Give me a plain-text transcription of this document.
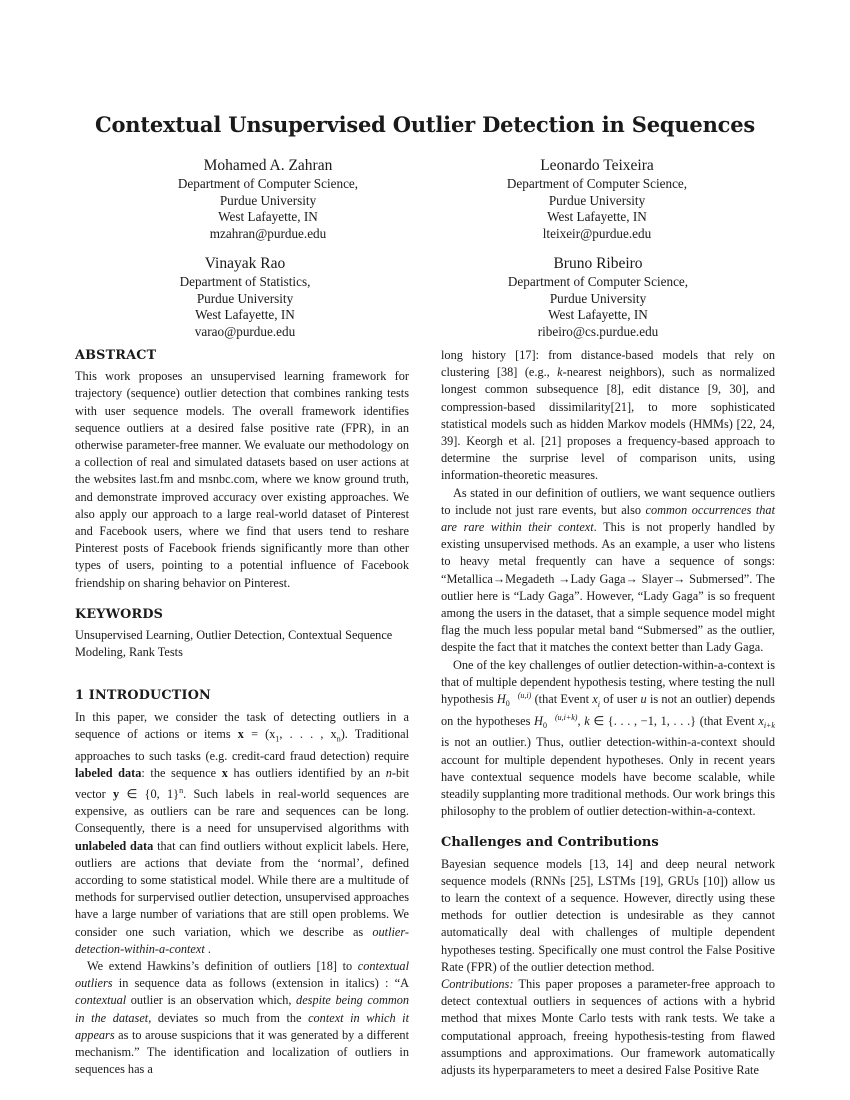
Contextual Unsupervised Outlier Detection in Sequences
Mohamed A. Zahran
Department of Computer Science,
Purdue University
West Lafayette, IN
mzahran@purdue.edu
Leonardo Teixeira
Department of Computer Science,
Purdue University
West Lafayette, IN
lteixeir@purdue.edu
Vinayak Rao
Department of Statistics,
Purdue University
West Lafayette, IN
varao@purdue.edu
Bruno Ribeiro
Department of Computer Science,
Purdue University
West Lafayette, IN
ribeiro@cs.purdue.edu
ABSTRACT

This work proposes an unsupervised learning framework for trajectory (sequence) outlier detection that combines ranking tests with user sequence models. The overall framework identifies sequence outliers at a desired false positive rate (FPR), in an otherwise parameter-free manner. We evaluate our methodology on a collection of real and simulated datasets based on user actions at the websites last.fm and msnbc.com, where we know ground truth, and demonstrate improved accuracy over existing approaches. We also apply our approach to a large real-world dataset of Pinterest and Facebook users, where we find that users tend to reshare Pinterest posts of Facebook friends significantly more than other types of users, pointing to a potential influence of Facebook friendship on sharing behavior on Pinterest.

KEYWORDS

Unsupervised Learning, Outlier Detection, Contextual Sequence Modeling, Rank Tests

1 INTRODUCTION

In this paper, we consider the task of detecting outliers in a sequence of actions or items $x = (x_1$, . . . , $x_n$). Traditional approaches to such tasks (e.g. credit-card fraud detection) require labeled data: the sequence x has outliers identified by an n-bit vector y ∈ {0, 1}$^n$. Such labels in real-world sequences are expensive, as outliers can be rare and sequences can be long. Consequently, there is a need for unsupervised algorithms with unlabeled data that can find outliers without explicit labels. Here, outliers are actions that deviate from the ‘normal’, defined according to some statistical model. While there are a multitude of methods for surpervised outlier detection, unsupervised approaches have a large number of variations that are still open problems. We consider one such variation, which we describe as outlier-detection-within-a-context .

We extend Hawkins’s definition of outliers [18] to contextual outliers in sequence data as follows (extension in italics) : “A contextual outlier is an observation which, despite being common in the dataset, deviates so much from the context in which it appears as to arouse suspicions that it was generated by a different mechanism.” The identification and localization of outliers in sequences has a

long history [17]: from distance-based models that rely on clustering [38] (e.g., k-nearest neighbors), such as normalized longest common subsequence [8], edit distance [9, 30], and compression-based dissimilarity[21], to more sophisticated statistical models such as hidden Markov models (HMMs) [22, 24, 39]. Keorgh et al. [21] proposes a frequency-based approach to determine the surprise level of comparison units, using information-theoretic measures.

As stated in our definition of outliers, we want sequence outliers to include not just rare events, but also common occurrences that are rare within their context. This is not properly handled by existing unsupervised methods. As an example, a user who listens to heavy metal frequently can have a sequence of songs: “Metallica→Megadeth →Lady Gaga→ Slayer→ Submersed”. The outlier here is “Lady Gaga”. However, “Lady Gaga” is so frequent among the users in the dataset, that a simple sequence model might flag the much less popular metal band “Submersed” as the outlier, despite the fact that it matches the context better than Lady Gaga.

One of the key challenges of outlier detection-within-a-context is that of multiple dependent hypothesis testing, where testing the null hypothesis H (u,i)
0 (that Event $x_i$ of user u is not an outlier) depends on the hypotheses H (u,i+k)
0 , k ∈ {. . . , −1, 1, . . .} (that Event $x_{i+k}$ is not an outlier.) Thus, outlier detection-within-a-context should account for multiple dependent hypotheses. Only in recent years have contextual sequence models have become scalable, while steadily supplanting more traditional methods. Our work brings this philosophy to the problem of outlier detection-within-a-context.

Challenges and Contributions

Bayesian sequence models [13, 14] and deep neural network sequence models (RNNs [25], LSTMs [19], GRUs [10]) allow us to learn the context of a sequence. However, directly using these methods for outlier detection is undesirable as they cannot automatically deal with challenges of multiple dependent hypotheses testing. Specifically one must control the False Positive Rate (FPR) of the outlier detection method.

Contributions: This paper proposes a parameter-free approach to detect contextual outliers in sequences of actions with a hybrid method that mixes Monte Carlo tests with rank tests. We take a computational approach, freeing hypothesis-testing from flawed assumptions and approximations. Our framework automatically adjusts its hyperparameters to meet a desired False Positive Rate
